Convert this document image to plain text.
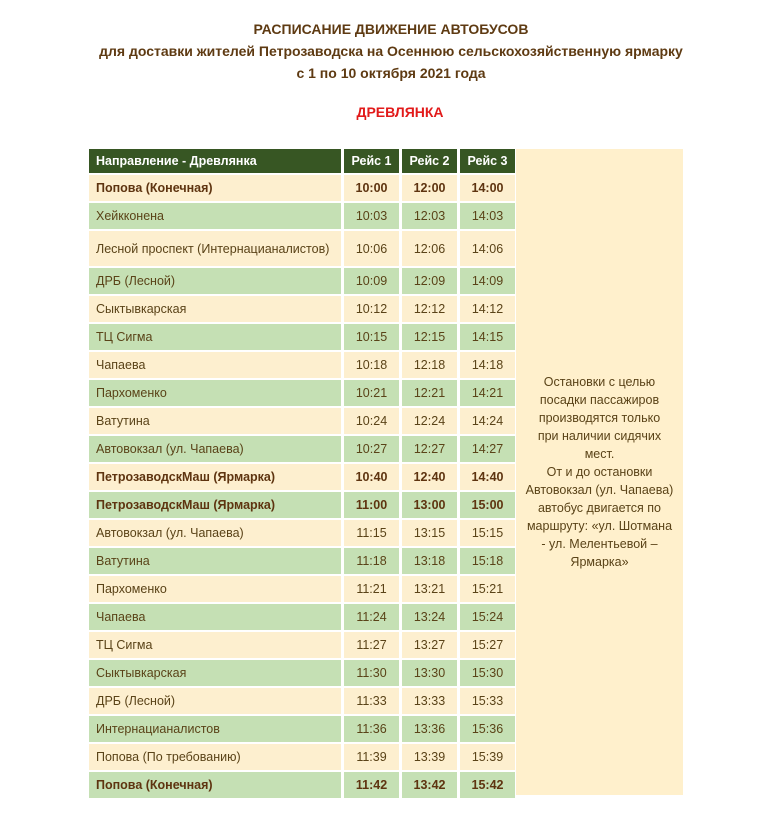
РАСПИСАНИЕ ДВИЖЕНИЕ АВТОБУСОВ
для доставки жителей Петрозаводска на Осеннюю сельскохозяйственную ярмарку
с 1 по 10 октября 2021 года
ДРЕВЛЯНКА
Направление - Древлянка	Рейс 1	Рейс 2	Рейс 3
Попова (Конечная)	10:00	12:00	14:00
Хейкконена	10:03	12:03	14:03
Лесной проспект (Интернацианалистов)	10:06	12:06	14:06
ДРБ (Лесной)	10:09	12:09	14:09
Сыктывкарская	10:12	12:12	14:12
ТЦ Сигма	10:15	12:15	14:15
Чапаева	10:18	12:18	14:18
Пархоменко	10:21	12:21	14:21
Ватутина	10:24	12:24	14:24
Автовокзал (ул. Чапаева)	10:27	12:27	14:27
ПетрозаводскМаш (Ярмарка)	10:40	12:40	14:40
ПетрозаводскМаш (Ярмарка)	11:00	13:00	15:00
Автовокзал (ул. Чапаева)	11:15	13:15	15:15
Ватутина	11:18	13:18	15:18
Пархоменко	11:21	13:21	15:21
Чапаева	11:24	13:24	15:24
ТЦ Сигма	11:27	13:27	15:27
Сыктывкарская	11:30	13:30	15:30
ДРБ (Лесной)	11:33	13:33	15:33
Интернацианалистов	11:36	13:36	15:36
Попова (По требованию)	11:39	13:39	15:39
Попова (Конечная)	11:42	13:42	15:42
Остановки с целью
посадки пассажиров
производятся только
при наличии сидячих
мест.
От и до остановки
Автовокзал (ул. Чапаева)
автобус двигается по
маршруту: «ул. Шотмана
- ул. Мелентьевой –
Ярмарка»
